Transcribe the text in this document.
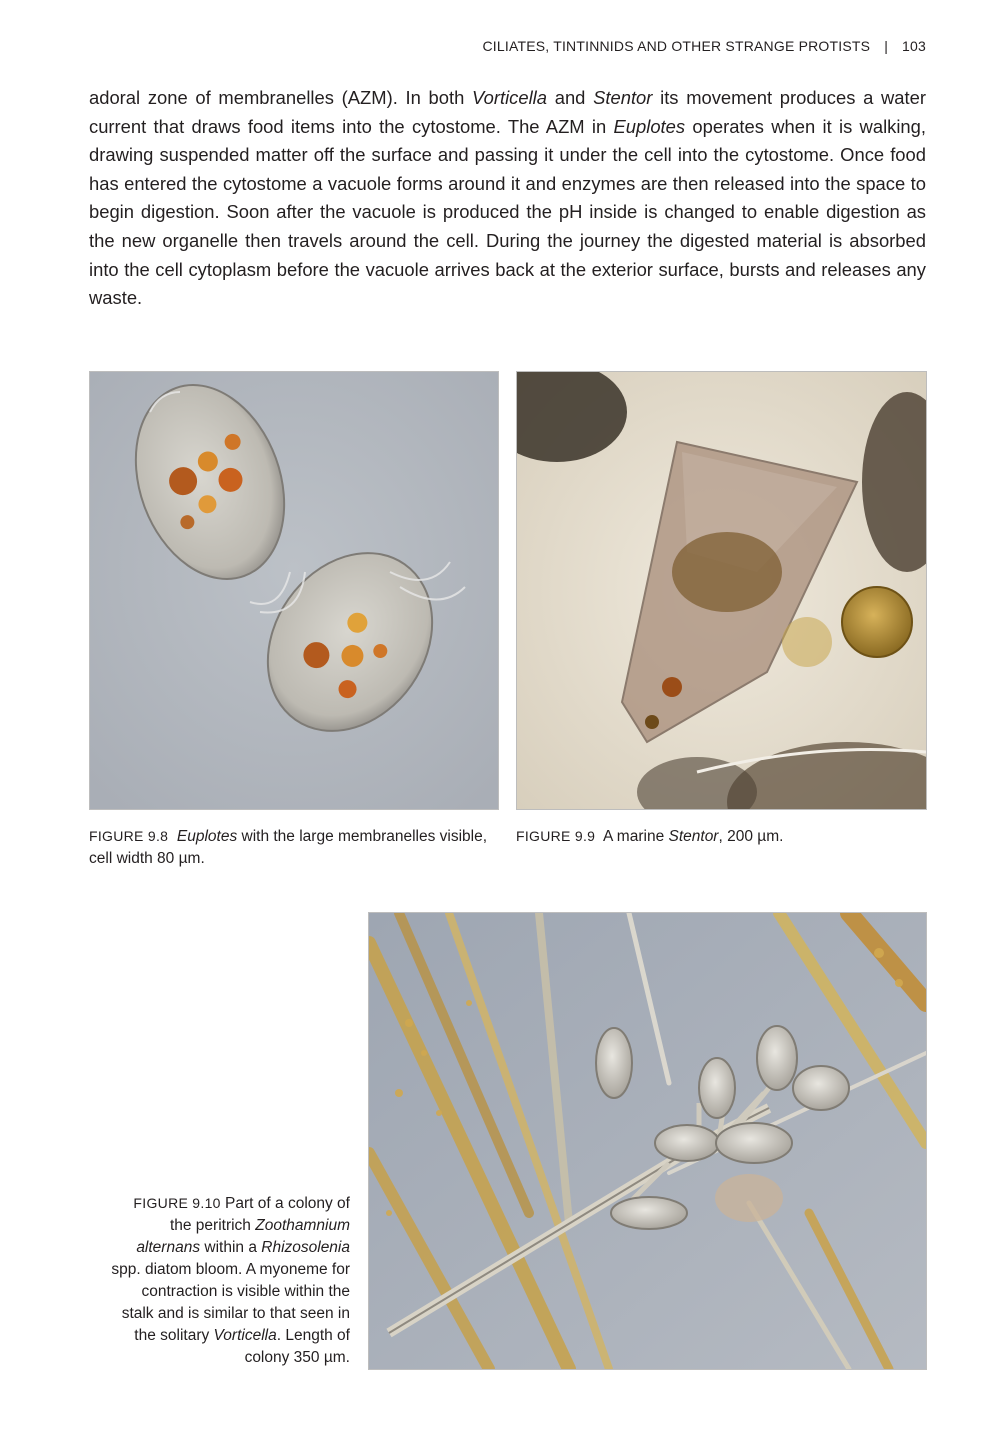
CILIATES, TINTINNIDS AND OTHER STRANGE PROTISTS | 103

adoral zone of membranelles (AZM). In both Vorticella and Stentor its movement produces a water current that draws food items into the cytostome. The AZM in Euplotes operates when it is walking, drawing suspended matter off the surface and passing it under the cell into the cytostome. Once food has entered the cytostome a vacuole forms around it and enzymes are then released into the space to begin digestion. Soon after the vacuole is produced the pH inside is changed to enable digestion as the new organelle then travels around the cell. During the journey the digested material is absorbed into the cell cytoplasm before the vacuole arrives back at the exterior surface, bursts and releases any waste.

FIGURE 9.8 Euplotes with the large membranelles visible, cell width 80 µm.

FIGURE 9.9 A marine Stentor, 200 µm.

FIGURE 9.10 Part of a colony of the peritrich Zoothamnium alternans within a Rhizosolenia spp. diatom bloom. A myoneme for contraction is visible within the stalk and is similar to that seen in the solitary Vorticella. Length of colony 350 µm.
